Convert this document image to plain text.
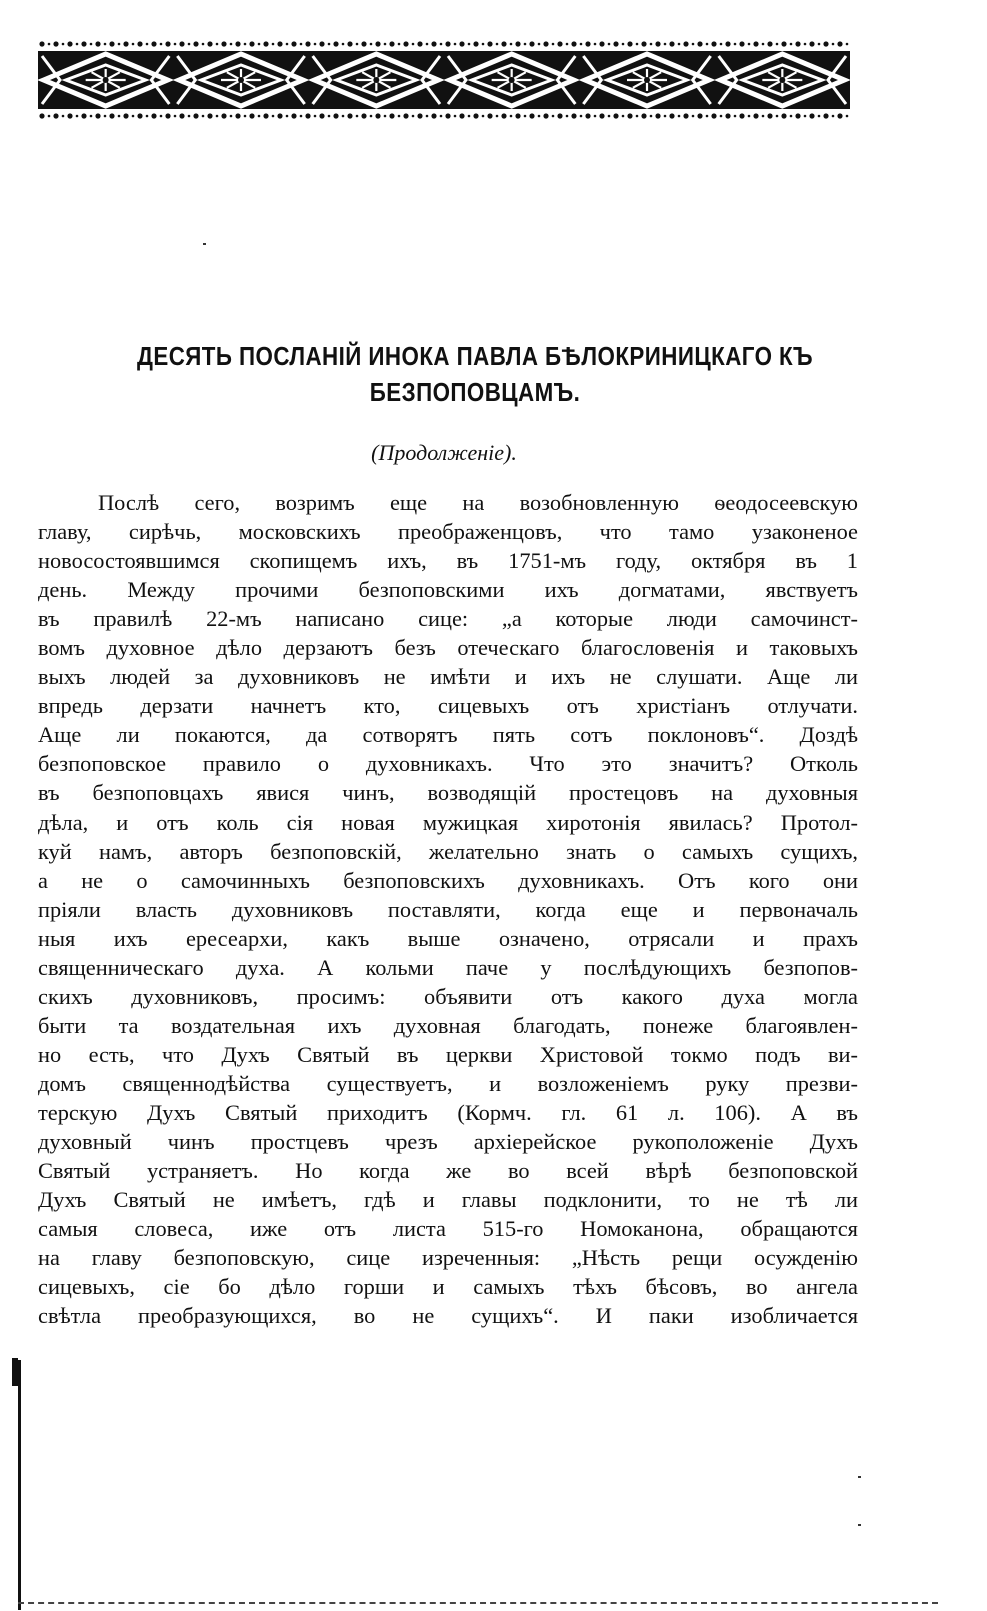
ДЕСЯТЬ ПОСЛАНІЙ ИНОКА ПАВЛА БѢЛОКРИНИЦКАГО КЪ
БЕЗПОПОВЦАМЪ.
(Продолженіе).
Послѣ сего, возримъ еще на возобновленную ѳеодосеевскую
главу, сирѣчь, московскихъ преображенцовъ, что тамо узаконеное
новосостоявшимся скопищемъ ихъ, въ 1751-мъ году, октября въ 1
день. Между прочими безпоповскими ихъ догматами, явствуетъ
въ правилѣ 22-мъ написано сице: „а которые люди самочинст-
вомъ духовное дѣло дерзаютъ безъ отеческаго благословенія и таковыхъ
выхъ людей за духовниковъ не имѣти и ихъ не слушати. Аще ли
впредь дерзати начнетъ кто, сицевыхъ отъ христіанъ отлучати.
Аще ли покаются, да сотворятъ пять сотъ поклоновъ“. Доздѣ
безпоповское правило о духовникахъ. Что это значитъ? Отколь
въ безпоповцахъ явися чинъ, возводящій простецовъ на духовныя
дѣла, и отъ коль сія новая мужицкая хиротонія явилась? Протол-
куй намъ, авторъ безпоповскій, желательно знать о самыхъ сущихъ,
а не о самочинныхъ безпоповскихъ духовникахъ. Отъ кого они
пріяли власть духовниковъ поставляти, когда еще и первоначаль
ныя ихъ ересеархи, какъ выше означено, отрясали и прахъ
священническаго духа. А кольми паче у послѣдующихъ безпопов-
скихъ духовниковъ, просимъ: объявити отъ какого духа могла
быти та воздательная ихъ духовная благодать, понеже благоявлен-
но есть, что Духъ Святый въ церкви Христовой токмо подъ ви-
домъ священнодѣйства существуетъ, и возложеніемъ руку презви-
терскую Духъ Святый приходитъ (Кормч. гл. 61 л. 106). А въ
духовный чинъ простцевъ чрезъ архіерейское рукоположеніе Духъ
Святый устраняетъ. Но когда же во всей вѣрѣ безпоповской
Духъ Святый не имѣетъ, гдѣ и главы подклонити, то не тѣ ли
самыя словеса, иже отъ листа 515-го Номоканона, обращаются
на главу безпоповскую, сице изреченныя: „Нѣсть рещи осужденію
сицевыхъ, сіе бо дѣло горши и самыхъ тѣхъ бѣсовъ, во ангела
свѣтла преобразующихся, во не сущихъ“. И паки изобличается
